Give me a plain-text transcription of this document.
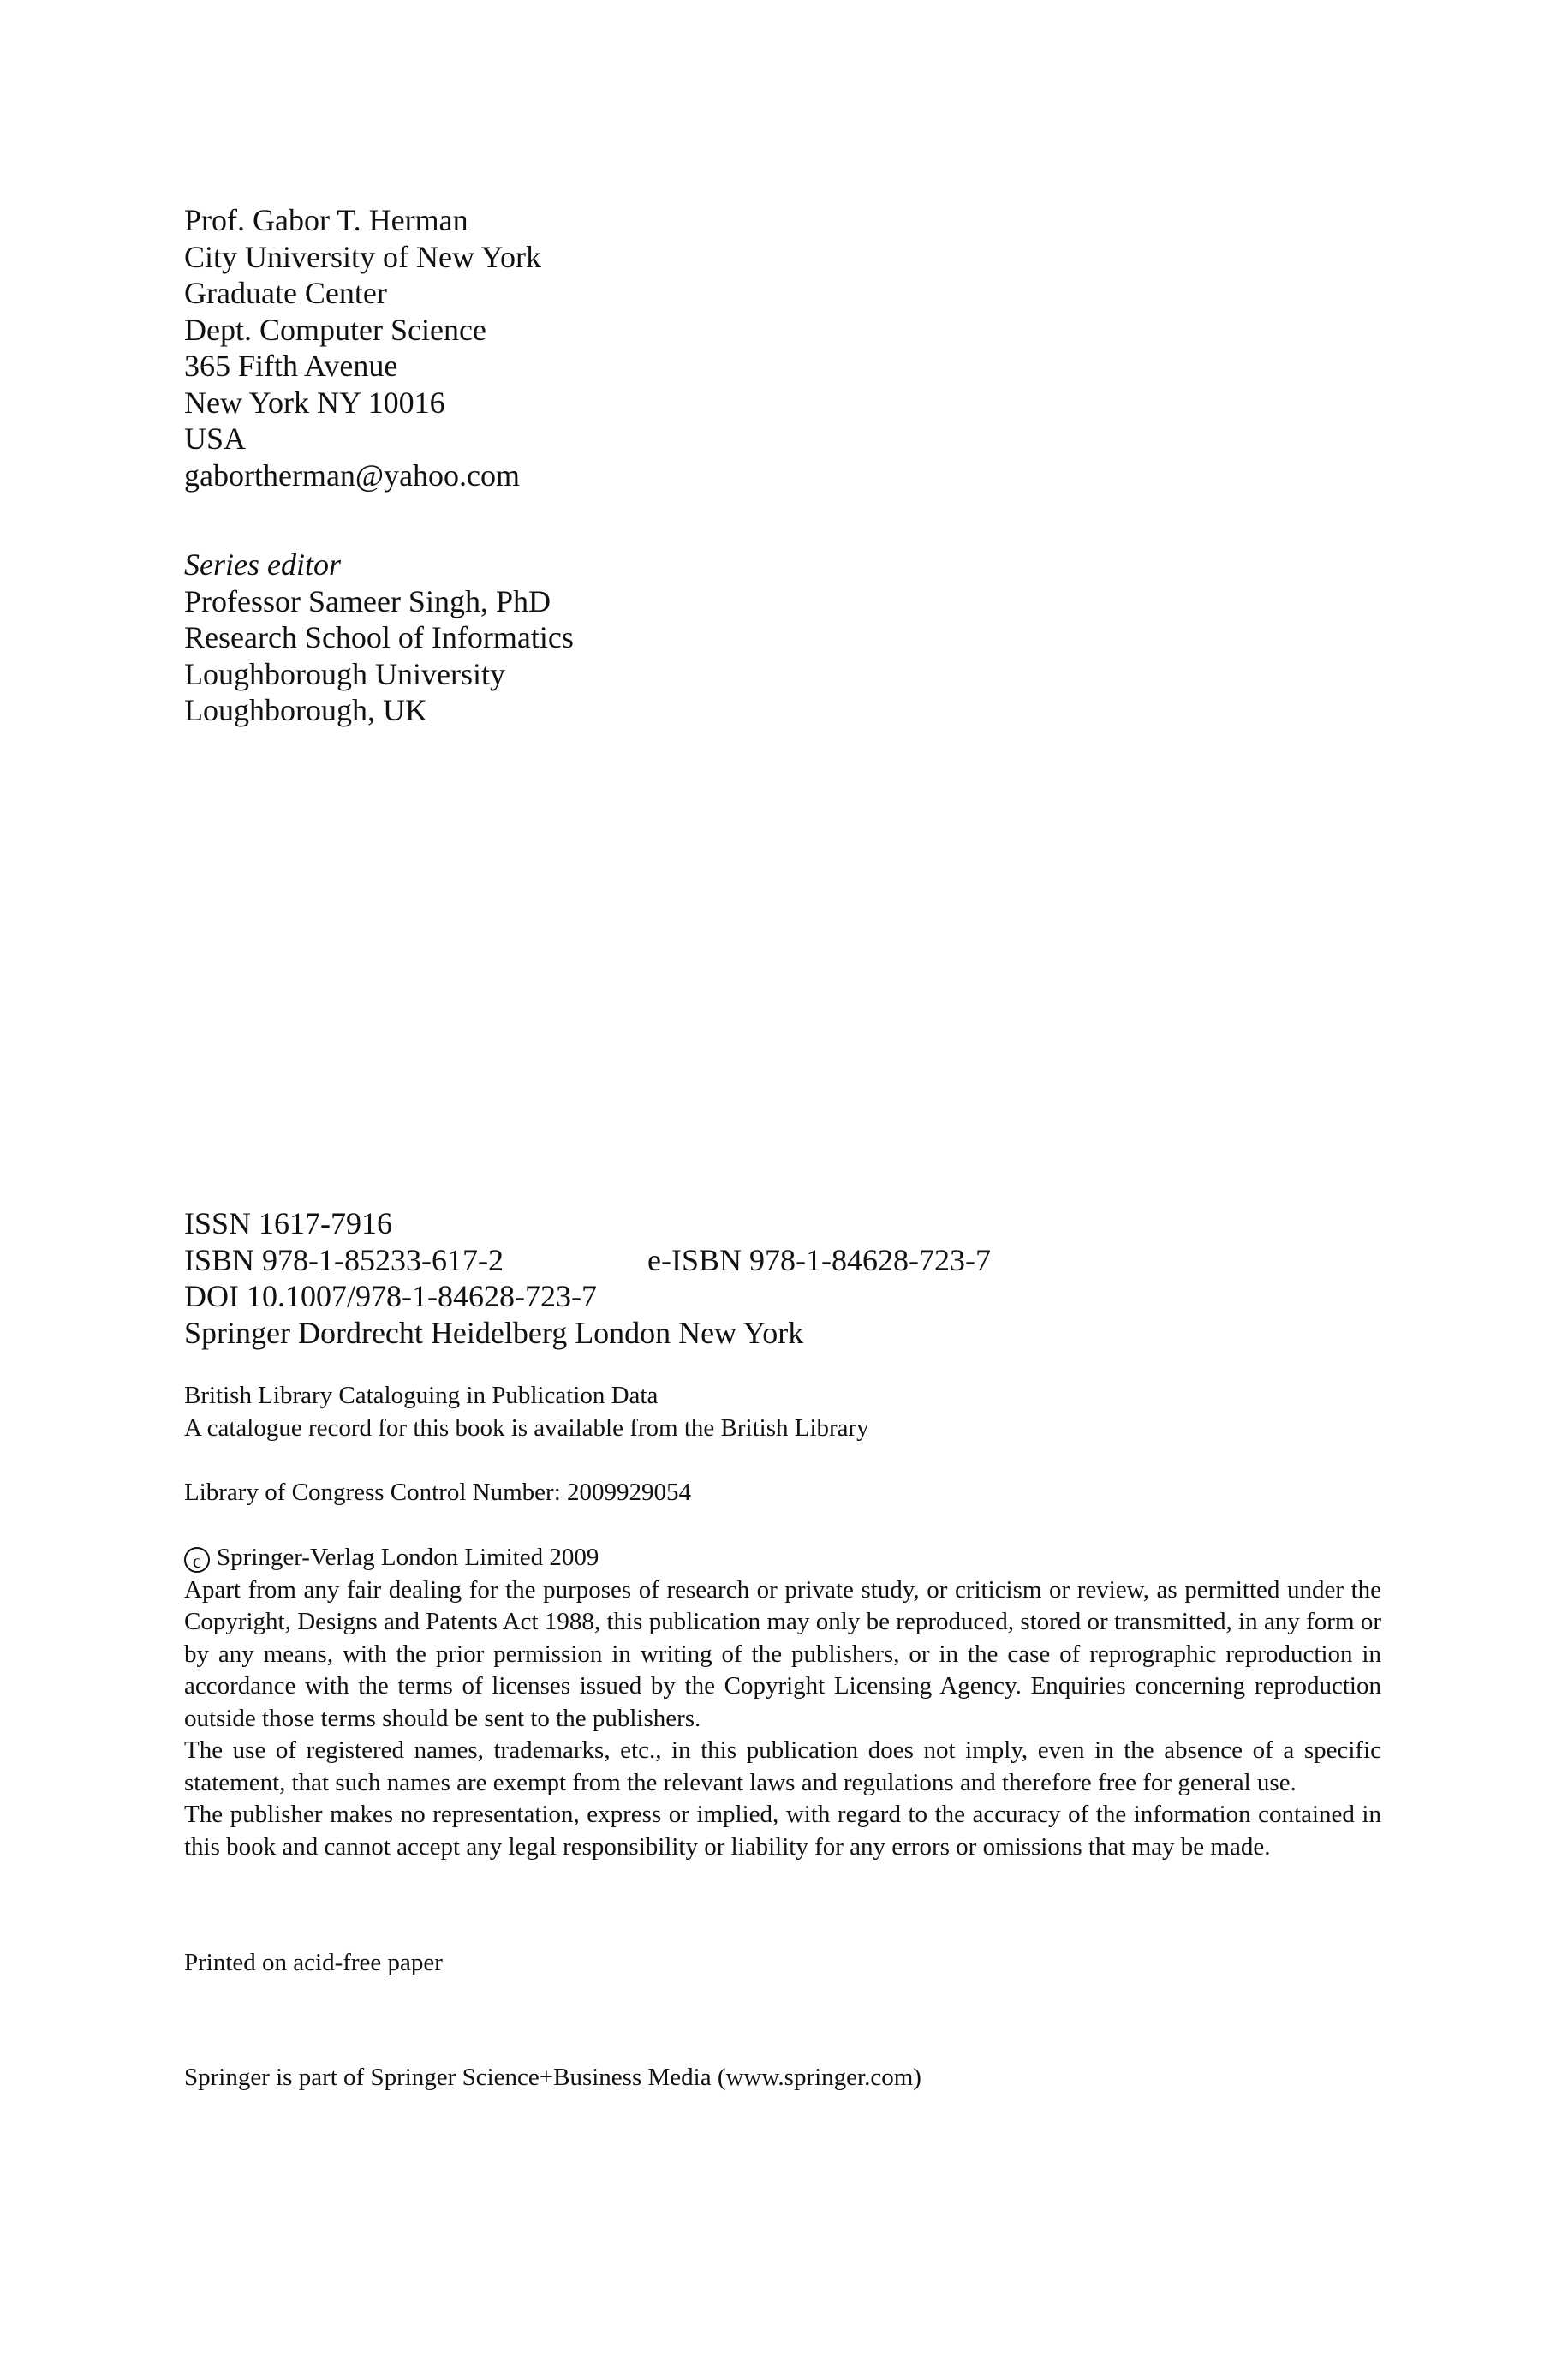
Prof. Gabor T. Herman
City University of New York
Graduate Center
Dept. Computer Science
365 Fifth Avenue
New York NY 10016
USA
gabortherman@yahoo.com
Series editor
Professor Sameer Singh, PhD
Research School of Informatics
Loughborough University
Loughborough, UK
ISSN 1617-7916
ISBN 978-1-85233-617-2	e-ISBN 978-1-84628-723-7
DOI 10.1007/978-1-84628-723-7
Springer Dordrecht Heidelberg London New York
British Library Cataloguing in Publication Data
A catalogue record for this book is available from the British Library
Library of Congress Control Number: 2009929054
c Springer-Verlag London Limited 2009
Apart from any fair dealing for the purposes of research or private study, or criticism or review, as permitted under the Copyright, Designs and Patents Act 1988, this publication may only be reproduced, stored or transmitted, in any form or by any means, with the prior permission in writing of the publishers, or in the case of reprographic reproduction in accordance with the terms of licenses issued by the Copyright Licensing Agency. Enquiries concerning reproduction outside those terms should be sent to the publishers.
The use of registered names, trademarks, etc., in this publication does not imply, even in the absence of a specific statement, that such names are exempt from the relevant laws and regulations and therefore free for general use.
The publisher makes no representation, express or implied, with regard to the accuracy of the information contained in this book and cannot accept any legal responsibility or liability for any errors or omissions that may be made.
Printed on acid-free paper
Springer is part of Springer Science+Business Media (www.springer.com)
